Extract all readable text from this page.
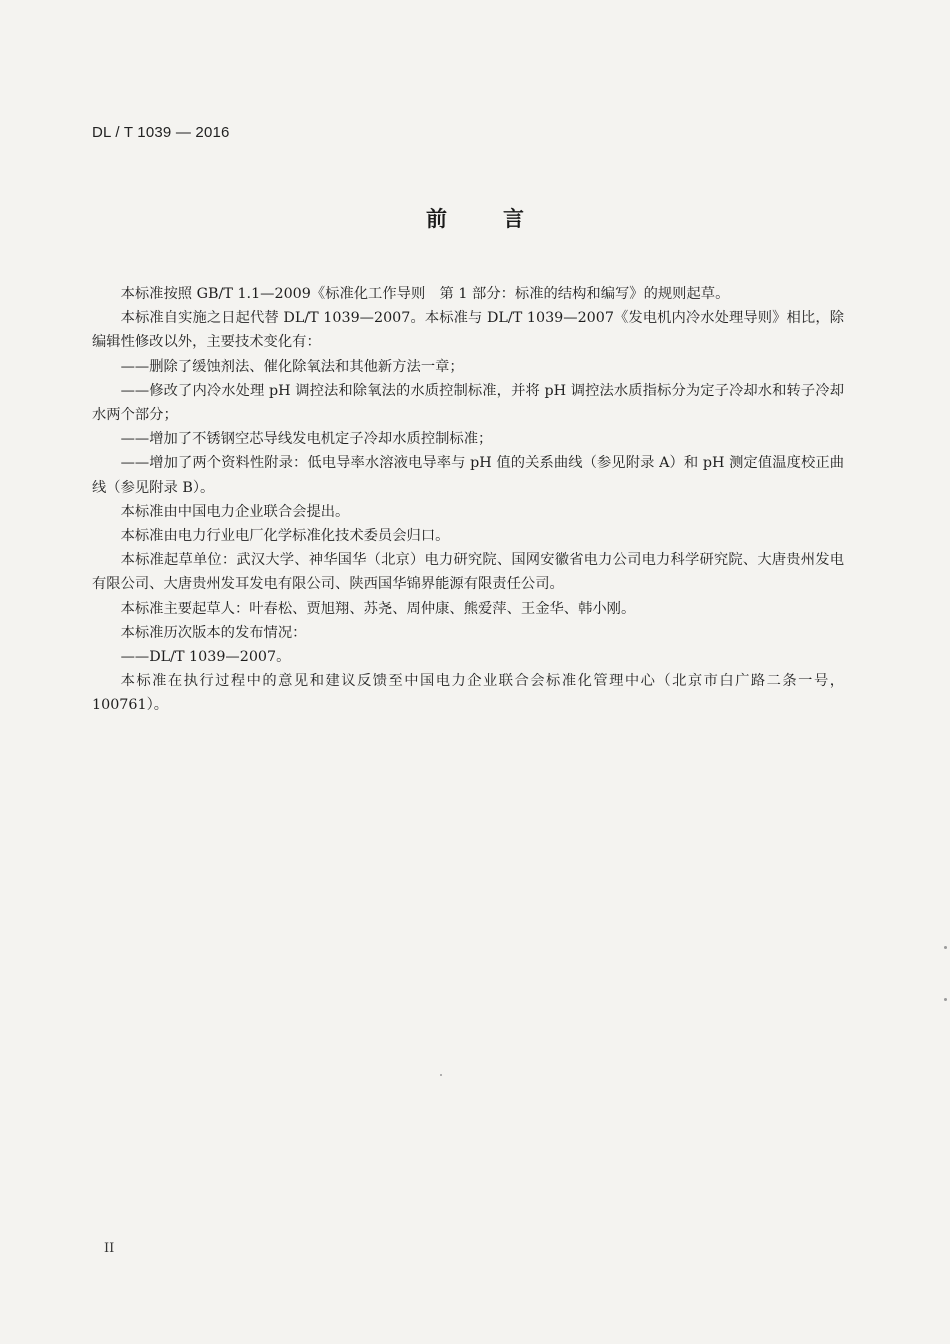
DL / T 1039 — 2016
前言

本标准按照 GB/T 1.1—2009《标准化工作导则　第 1 部分：标准的结构和编写》的规则起草。

本标准自实施之日起代替 DL/T 1039—2007。本标准与 DL/T 1039—2007《发电机内冷水处理导则》相比，除编辑性修改以外，主要技术变化有：

——删除了缓蚀剂法、催化除氧法和其他新方法一章；

——修改了内冷水处理 pH 调控法和除氧法的水质控制标准，并将 pH 调控法水质指标分为定子冷却水和转子冷却水两个部分；

——增加了不锈钢空芯导线发电机定子冷却水质控制标准；

——增加了两个资料性附录：低电导率水溶液电导率与 pH 值的关系曲线（参见附录 A）和 pH 测定值温度校正曲线（参见附录 B）。

本标准由中国电力企业联合会提出。

本标准由电力行业电厂化学标准化技术委员会归口。

本标准起草单位：武汉大学、神华国华（北京）电力研究院、国网安徽省电力公司电力科学研究院、大唐贵州发电有限公司、大唐贵州发耳发电有限公司、陕西国华锦界能源有限责任公司。

本标准主要起草人：叶春松、贾旭翔、苏尧、周仲康、熊爱萍、王金华、韩小刚。

本标准历次版本的发布情况：

——DL/T 1039—2007。

本标准在执行过程中的意见和建议反馈至中国电力企业联合会标准化管理中心（北京市白广路二条一号，100761）。

II
